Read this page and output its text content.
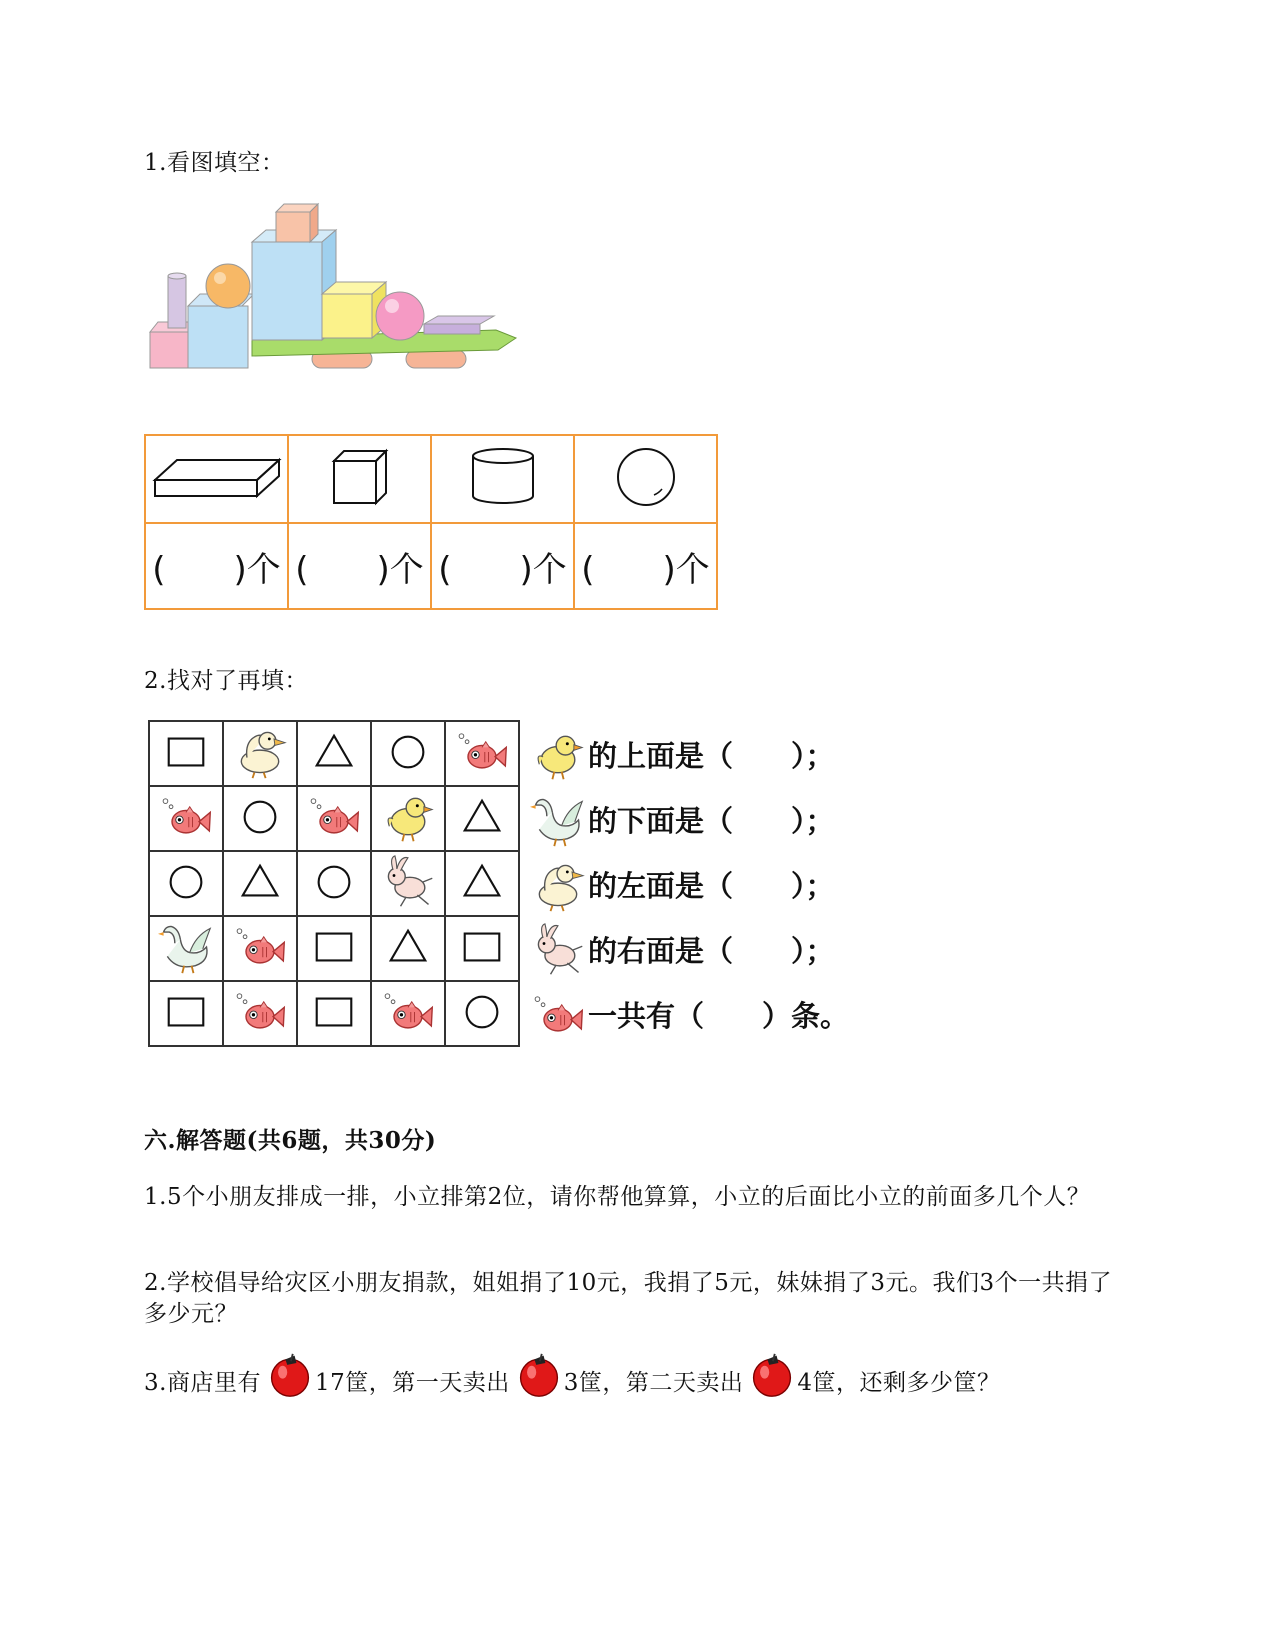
1.看图填空：

(　　)个	(　　)个	(　　)个	(　　)个
2.找对了再填：

的上面是（　　）；
的下面是（　　）；
的左面是（　　）；
的右面是（　　）；
一共有（　　）条。
六.解答题(共6题，共30分)
1.5个小朋友排成一排，小立排第2位，请你帮他算算，小立的后面比小立的前面多几个人？
2.学校倡导给灾区小朋友捐款，姐姐捐了10元，我捐了5元，妹妹捐了3元。我们3个一共捐了多少元？
3.商店里有 17筐，第一天卖出 3筐，第二天卖出 4筐，还剩多少筐？
